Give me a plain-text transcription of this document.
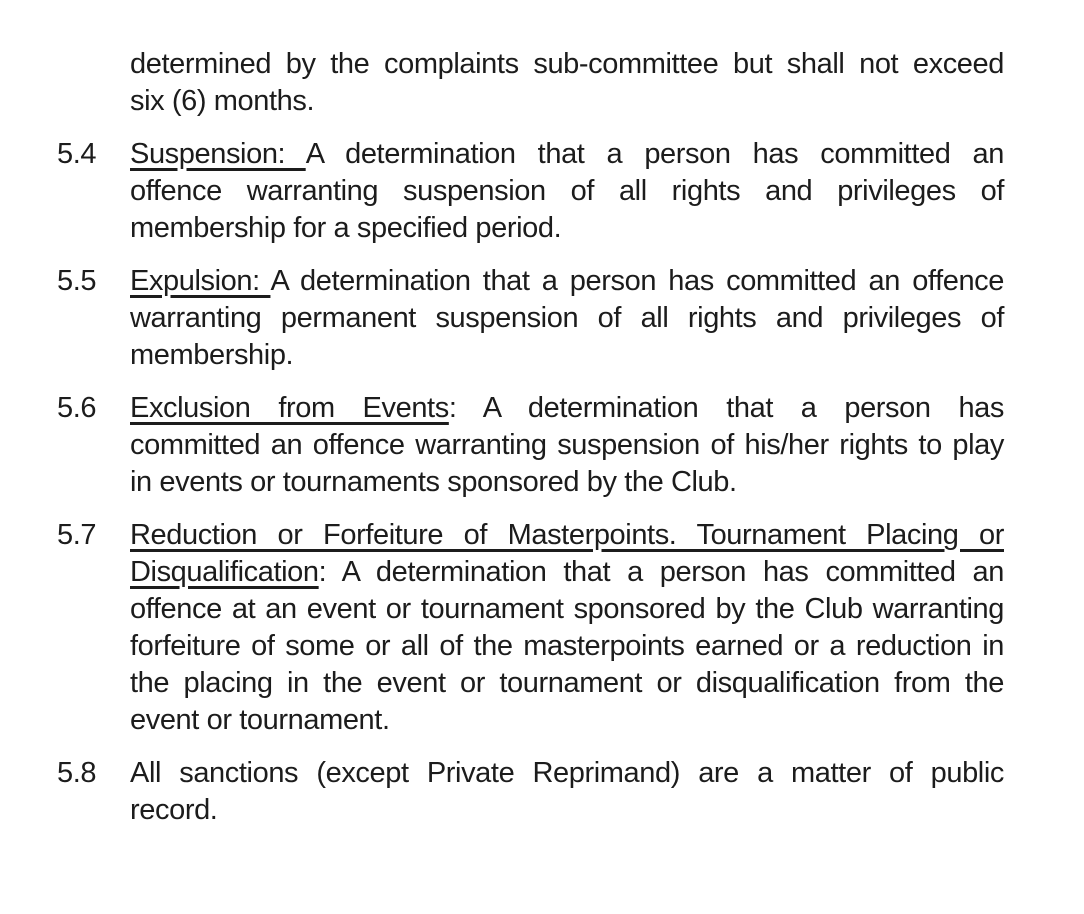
determined by the complaints sub-committee but shall not exceed
six (6) months.
5.4	Suspension: A determination that a person has committed an
offence warranting suspension of all rights and privileges of
membership for a specified period.
5.5	Expulsion: A determination that a person has committed an offence
warranting permanent suspension of all rights and privileges of
membership.
5.6	Exclusion from Events: A determination that a person has
committed an offence warranting suspension of his/her rights to play
in events or tournaments sponsored by the Club.
5.7	Reduction or Forfeiture of Masterpoints. Tournament Placing or
Disqualification: A determination that a person has committed an
offence at an event or tournament sponsored by the Club warranting
forfeiture of some or all of the masterpoints earned or a reduction in
the placing in the event or tournament or disqualification from the
event or tournament.
5.8	All sanctions (except Private Reprimand) are a matter of public
record.
